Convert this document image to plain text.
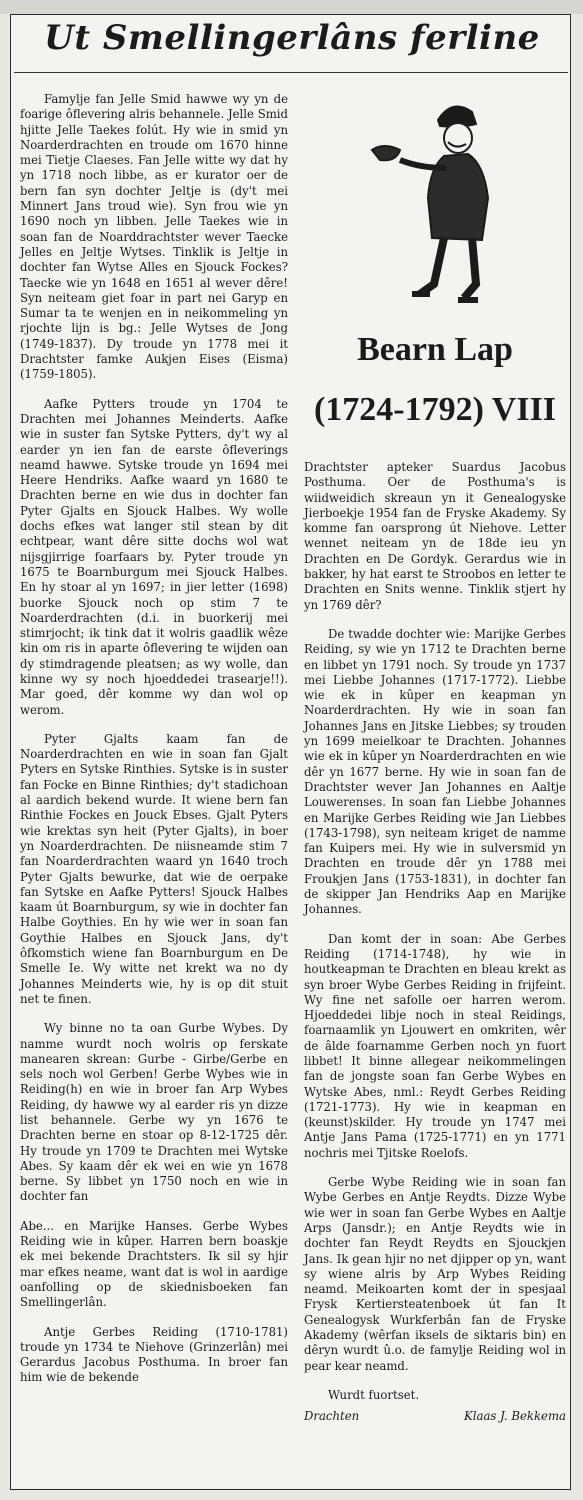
Ut Smellingerlâns ferline

Famylje fan Jelle Smid hawwe wy yn de foarige ôflevering alris behannele. Jelle Smid hjitte Jelle Taekes folút. Hy wie in smid yn Noarderdrachten en troude om 1670 hinne mei Tietje Claeses. Fan Jelle witte wy dat hy yn 1718 noch libbe, as er kurator oer de bern fan syn dochter Jeltje is (dy't mei Minnert Jans troud wie). Syn frou wie yn 1690 noch yn libben. Jelle Taekes wie in soan fan de Noarddrachtster wever Taecke Jelles en Jeltje Wytses. Tinklik is Jeltje in dochter fan Wytse Alles en Sjouck Fockes? Taecke wie yn 1648 en 1651 al wever dêre! Syn neiteam giet foar in part nei Garyp en Sumar ta te wenjen en in neikommeling yn rjochte lijn is bg.: Jelle Wytses de Jong (1749-1837). Dy troude yn 1778 mei it Drachtster famke Aukjen Eises (Eisma) (1759-1805).

Aafke Pytters troude yn 1704 te Drachten mei Johannes Meinderts. Aafke wie in suster fan Sytske Pytters, dy't wy al earder yn ien fan de earste ôfleverings neamd hawwe. Sytske troude yn 1694 mei Heere Hendriks. Aafke waard yn 1680 te Drachten berne en wie dus in dochter fan Pyter Gjalts en Sjouck Halbes. Wy wolle dochs efkes wat langer stil stean by dit echtpear, want dêre sitte dochs wol wat nijsgjirrige foarfaars by. Pyter troude yn 1675 te Boarnburgum mei Sjouck Halbes. En hy stoar al yn 1697; in jier letter (1698) buorke Sjouck noch op stim 7 te Noarderdrachten (d.i. in buorkerij mei stimrjocht; ik tink dat it wolris gaadlik wêze kin om ris in aparte ôflevering te wijden oan dy stimdragende pleatsen; as wy wolle, dan kinne wy sy noch hjoeddedei trasearje!!). Mar goed, dêr komme wy dan wol op werom.

Pyter Gjalts kaam fan de Noarderdrachten en wie in soan fan Gjalt Pyters en Sytske Rinthies. Sytske is in suster fan Focke en Binne Rinthies; dy't stadichoan al aardich bekend wurde. It wiene bern fan Rinthie Fockes en Jouck Ebses. Gjalt Pyters wie krektas syn heit (Pyter Gjalts), in boer yn Noarderdrachten. De niisneamde stim 7 fan Noarderdrachten waard yn 1640 troch Pyter Gjalts bewurke, dat wie de oerpake fan Sytske en Aafke Pytters! Sjouck Halbes kaam út Boarnburgum, sy wie in dochter fan Halbe Goythies. En hy wie wer in soan fan Goythie Halbes en Sjouck Jans, dy't ôfkomstich wiene fan Boarnburgum en De Smelle Ie. Wy witte net krekt wa no dy Johannes Meinderts wie, hy is op dit stuit net te finen.

Wy binne no ta oan Gurbe Wybes. Dy namme wurdt noch wolris op ferskate manearen skrean: Gurbe - Girbe/Gerbe en sels noch wol Gerben! Gerbe Wybes wie in Reiding(h) en wie in broer fan Arp Wybes Reiding, dy hawwe wy al earder ris yn dizze list behannele. Gerbe wy yn 1676 te Drachten berne en stoar op 8-12-1725 dêr. Hy troude yn 1709 te Drachten mei Wytske Abes. Sy kaam dêr ek wei en wie yn 1678 berne. Sy libbet yn 1750 noch en wie in dochter fan

Abe... en Marijke Hanses. Gerbe Wybes Reiding wie in kûper. Harren bern boaskje ek mei bekende Drachtsters. Ik sil sy hjir mar efkes neame, want dat is wol in aardige oanfolling op de skiednisboeken fan Smellingerlân.

Antje Gerbes Reiding (1710-1781) troude yn 1734 te Niehove (Grinzerlân) mei Gerardus Jacobus Posthuma. In broer fan him wie de bekende

Bearn Lap
(1724-1792) VIII

Drachtster apteker Suardus Jacobus Posthuma. Oer de Posthuma's is wiidweidich skreaun yn it Genealogyske Jierboekje 1954 fan de Fryske Akademy. Sy komme fan oarsprong út Niehove. Letter wennet neiteam yn de 18de ieu yn Drachten en De Gordyk. Gerardus wie in bakker, hy hat earst te Stroobos en letter te Drachten en Snits wenne. Tinklik stjert hy yn 1769 dêr?

De twadde dochter wie: Marijke Gerbes Reiding, sy wie yn 1712 te Drachten berne en libbet yn 1791 noch. Sy troude yn 1737 mei Liebbe Johannes (1717-1772). Liebbe wie ek in kûper en keapman yn Noarderdrachten. Hy wie in soan fan Johannes Jans en Jitske Liebbes; sy trouden yn 1699 meielkoar te Drachten. Johannes wie ek in kûper yn Noarderdrachten en wie dêr yn 1677 berne. Hy wie in soan fan de Drachtster wever Jan Johannes en Aaltje Louwerenses. In soan fan Liebbe Johannes en Marijke Gerbes Reiding wie Jan Liebbes (1743-1798), syn neiteam kriget de namme fan Kuipers mei. Hy wie in sulversmid yn Drachten en troude dêr yn 1788 mei Froukjen Jans (1753-1831), in dochter fan de skipper Jan Hendriks Aap en Marijke Johannes.

Dan komt der in soan: Abe Gerbes Reiding (1714-1748), hy wie in houtkeapman te Drachten en bleau krekt as syn broer Wybe Gerbes Reiding in frijfeint. Wy fine net safolle oer harren werom. Hjoeddedei libje noch in steal Reidings, foarnaamlik yn Ljouwert en omkriten, wêr de âlde foarnamme Gerben noch yn fuort libbet! It binne allegear neikommelingen fan de jongste soan fan Gerbe Wybes en Wytske Abes, nml.: Reydt Gerbes Reiding (1721-1773). Hy wie in keapman en (keunst)skilder. Hy troude yn 1747 mei Antje Jans Pama (1725-1771) en yn 1771 nochris mei Tjitske Roelofs.

Gerbe Wybe Reiding wie in soan fan Wybe Gerbes en Antje Reydts. Dizze Wybe wie wer in soan fan Gerbe Wybes en Aaltje Arps (Jansdr.); en Antje Reydts wie in dochter fan Reydt Reydts en Sjouckjen Jans. Ik gean hjir no net djipper op yn, want sy wiene alris by Arp Wybes Reiding neamd. Meikoarten komt der in spesjaal Frysk Kertiersteatenboek út fan It Genealogysk Wurkferbân fan de Fryske Akademy (wêrfan iksels de siktaris bin) en dêryn wurdt û.o. de famylje Reiding wol in pear kear neamd.

Wurdt fuortset.

Drachten	Klaas J. Bekkema
